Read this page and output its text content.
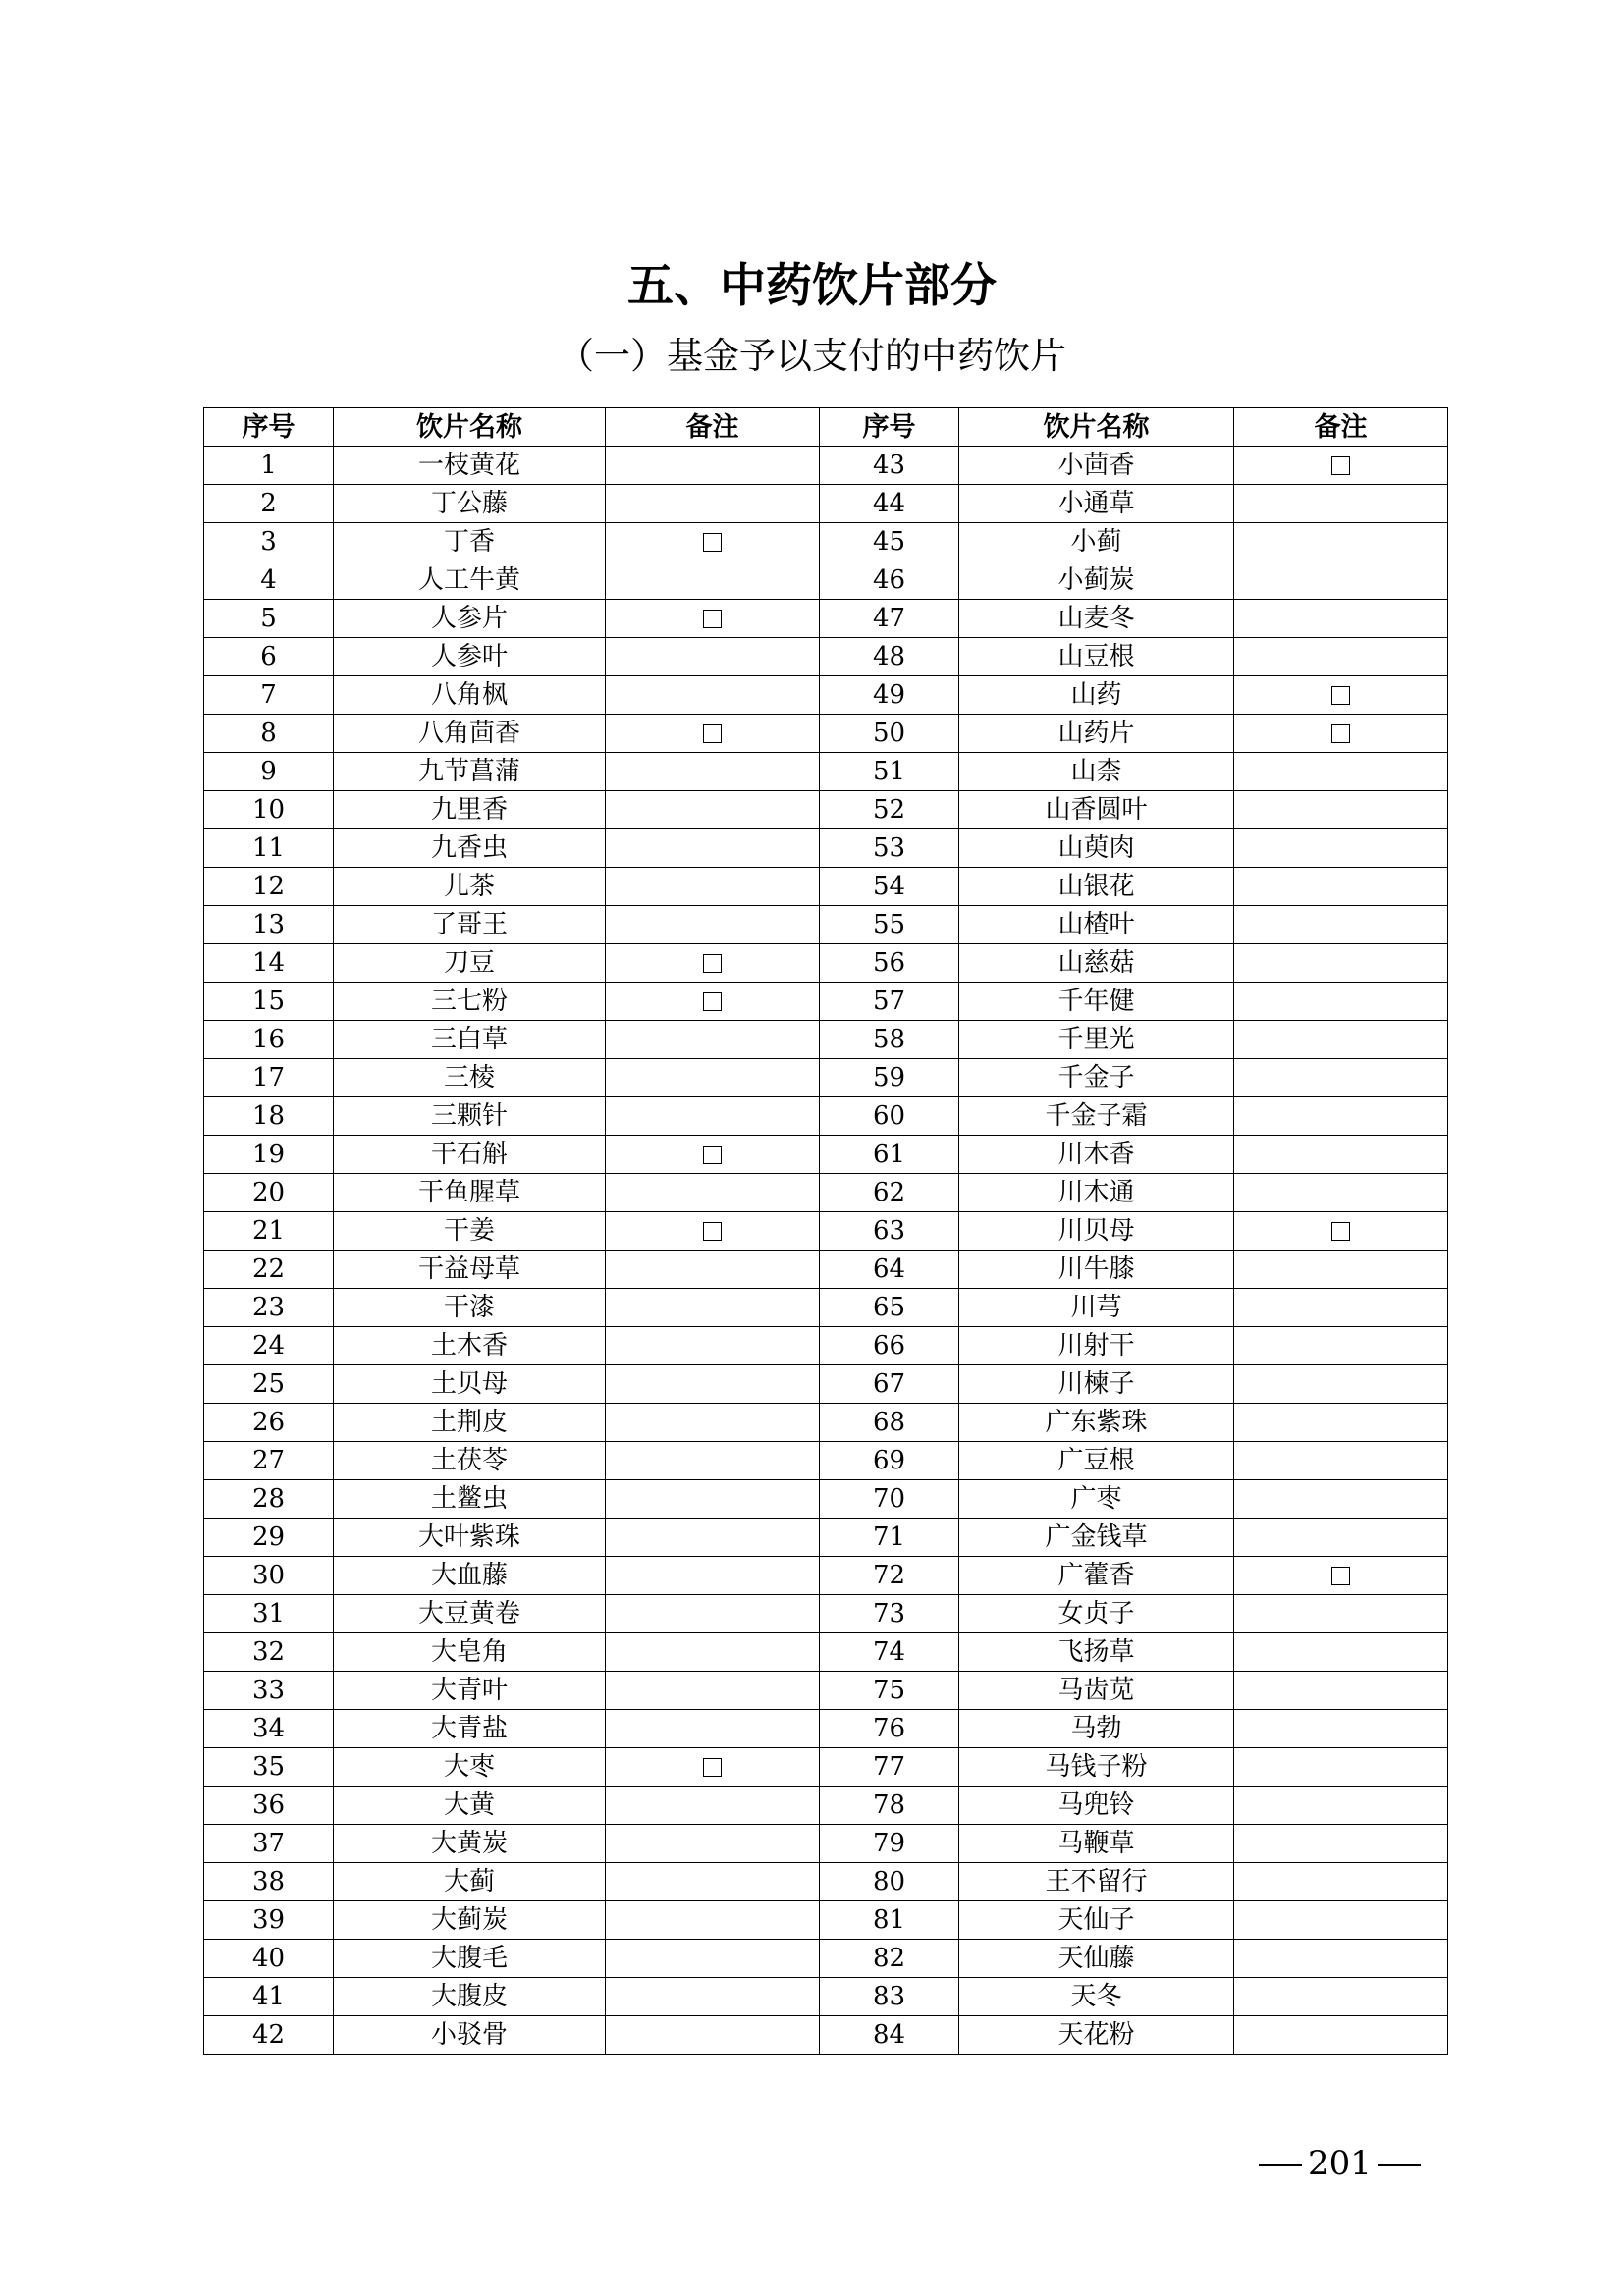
五、中药饮片部分
（一）基金予以支付的中药饮片
序号	饮片名称	备注	序号	饮片名称	备注
1	一枝黄花		43	小茴香	
2	丁公藤		44	小通草	
3	丁香		45	小蓟	
4	人工牛黄		46	小蓟炭	
5	人参片		47	山麦冬	
6	人参叶		48	山豆根	
7	八角枫		49	山药	
8	八角茴香		50	山药片	
9	九节菖蒲		51	山柰	
10	九里香		52	山香圆叶	
11	九香虫		53	山萸肉	
12	儿茶		54	山银花	
13	了哥王		55	山楂叶	
14	刀豆		56	山慈菇	
15	三七粉		57	千年健	
16	三白草		58	千里光	
17	三棱		59	千金子	
18	三颗针		60	千金子霜	
19	干石斛		61	川木香	
20	干鱼腥草		62	川木通	
21	干姜		63	川贝母	
22	干益母草		64	川牛膝	
23	干漆		65	川芎	
24	土木香		66	川射干	
25	土贝母		67	川楝子	
26	土荆皮		68	广东紫珠	
27	土茯苓		69	广豆根	
28	土鳖虫		70	广枣	
29	大叶紫珠		71	广金钱草	
30	大血藤		72	广藿香	
31	大豆黄卷		73	女贞子	
32	大皂角		74	飞扬草	
33	大青叶		75	马齿苋	
34	大青盐		76	马勃	
35	大枣		77	马钱子粉	
36	大黄		78	马兜铃	
37	大黄炭		79	马鞭草	
38	大蓟		80	王不留行	
39	大蓟炭		81	天仙子	
40	大腹毛		82	天仙藤	
41	大腹皮		83	天冬	
42	小驳骨		84	天花粉	
201
